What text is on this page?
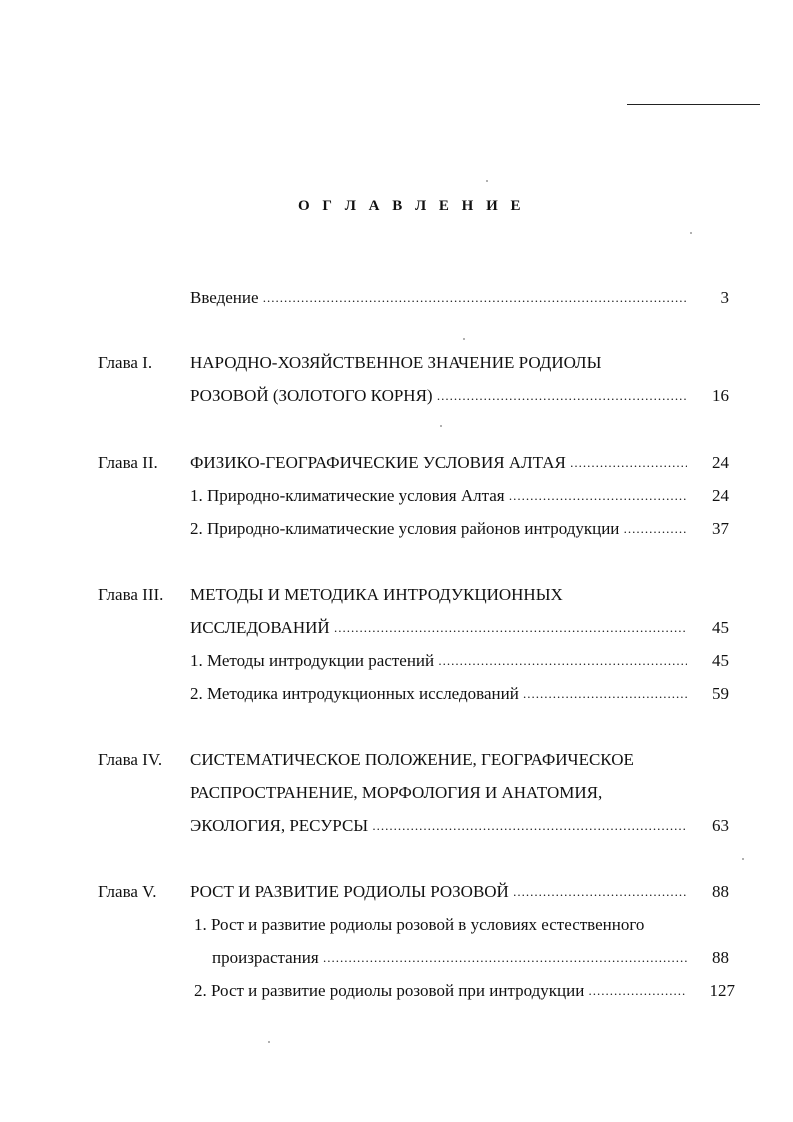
О Г Л А В Л Е Н И Е
Введение .....	3
Глава I. НАРОДНО-ХОЗЯЙСТВЕННОЕ ЗНАЧЕНИЕ РОДИОЛЫ
РОЗОВОЙ (ЗОЛОТОГО КОРНЯ) .....	16
Глава II. ФИЗИКО-ГЕОГРАФИЧЕСКИЕ УСЛОВИЯ АЛТАЯ .....	24
1. Природно-климатические условия Алтая .....	24
2. Природно-климатические условия районов интродукции .....	37
Глава III. МЕТОДЫ И МЕТОДИКА ИНТРОДУКЦИОННЫХ
ИССЛЕДОВАНИЙ .....	45
1. Методы интродукции растений .....	45
2. Методика интродукционных исследований .....	59
Глава IV. СИСТЕМАТИЧЕСКОЕ ПОЛОЖЕНИЕ, ГЕОГРАФИЧЕСКОЕ
РАСПРОСТРАНЕНИЕ, МОРФОЛОГИЯ И АНАТОМИЯ,
ЭКОЛОГИЯ, РЕСУРСЫ .....	63
Глава V. РОСТ И РАЗВИТИЕ РОДИОЛЫ РОЗОВОЙ .....	88
1. Рост и развитие родиолы розовой в условиях естественного
произрастания .....	88
2. Рост и развитие родиолы розовой при интродукции .....	127
